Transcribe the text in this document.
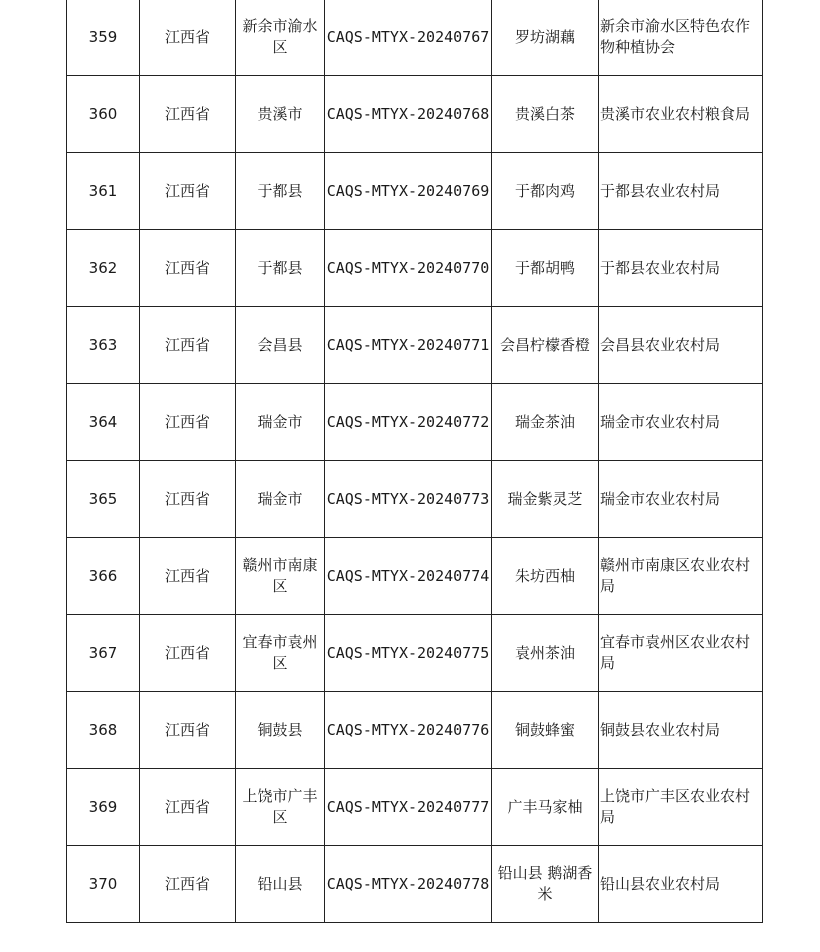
359	江西省	新余市渝水区	CAQS-MTYX-20240767	罗坊湖藕	新余市渝水区特色农作物种植协会
360	江西省	贵溪市	CAQS-MTYX-20240768	贵溪白茶	贵溪市农业农村粮食局
361	江西省	于都县	CAQS-MTYX-20240769	于都肉鸡	于都县农业农村局
362	江西省	于都县	CAQS-MTYX-20240770	于都胡鸭	于都县农业农村局
363	江西省	会昌县	CAQS-MTYX-20240771	会昌柠檬香橙	会昌县农业农村局
364	江西省	瑞金市	CAQS-MTYX-20240772	瑞金茶油	瑞金市农业农村局
365	江西省	瑞金市	CAQS-MTYX-20240773	瑞金紫灵芝	瑞金市农业农村局
366	江西省	赣州市南康区	CAQS-MTYX-20240774	朱坊西柚	赣州市南康区农业农村局
367	江西省	宜春市袁州区	CAQS-MTYX-20240775	袁州茶油	宜春市袁州区农业农村局
368	江西省	铜鼓县	CAQS-MTYX-20240776	铜鼓蜂蜜	铜鼓县农业农村局
369	江西省	上饶市广丰区	CAQS-MTYX-20240777	广丰马家柚	上饶市广丰区农业农村局
370	江西省	铅山县	CAQS-MTYX-20240778	铅山县 鹅湖香米	铅山县农业农村局
